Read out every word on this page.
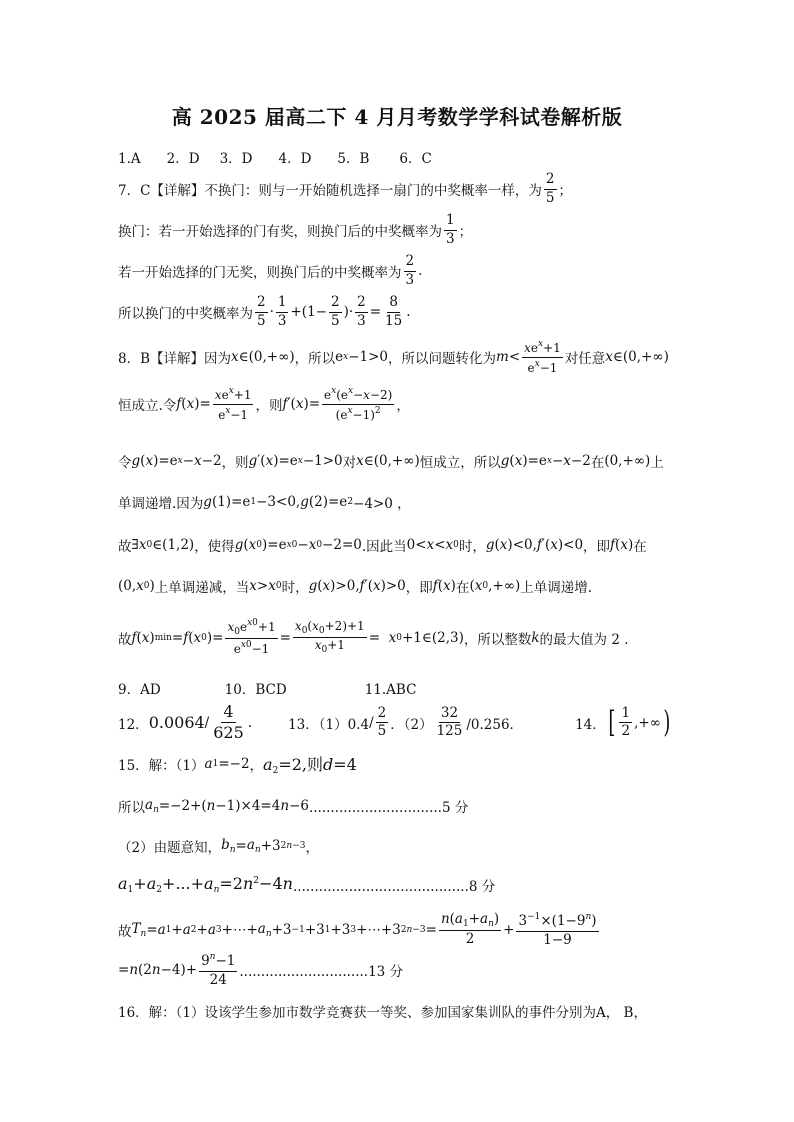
高 2025 届高二下 4 月月考数学学科试卷解析版
1.A 2．D 3．D 4．D 5．B 6．C
7．C【详解】不换门：则与一开始随机选择一扇门的中奖概率一样，为 $\frac{2}{5}$ ；
换门：若一开始选择的门有奖，则换门后的中奖概率为 $\frac{1}{3}$ ；
若一开始选择的门无奖，则换门后的中奖概率为 $\frac{2}{3}$ .
所以换门的中奖概率为 $\frac{2}{5} \cdot \frac{1}{3} +(1- \frac{2}{5}$ )· $\frac{2}{3} = \frac{8}{15}$ .
8．B【详解】因为 x ∈(0,+∞) ，所以 e x −1>0 ，所以问题转化为 $m < \frac{xe^x+1}{e^x-1}$ 对任意 x ∈(0,+∞)
恒成立.令 f ( x )= $\frac{xe^x+1}{e^x-1}$ ，则 f ′( x )= $\frac{e^x(e^x-x-2)}{(e^x-1)^2}$ ，
令 g ( x )=e x − x −2 ，则 g ′( x )=e x −1>0 对 x ∈(0,+∞) 恒成立，所以 g ( x )=e x − x −2 在 (0,+∞) 上
单调递增.因为 g (1)=e 1 −3<0, g (2)=e 2 −4>0 ，
故 ∃ x 0 ∈(1,2) ，使得 g ( x 0 )=e x0 − x 0 −2=0 .因此当 0< x < x 0 时， g ( x )<0, f ′( x )<0 ，即 f ( x ) 在
(0, x 0 ) 上单调递减，当 x > x 0 时， g ( x )>0, f ′( x )>0 ，即 f ( x ) 在 ( x 0 ,+∞) 上单调递增.
故 f ( x ) min = f ( x 0 )= $\frac{x_0e^{x0}+1}{e^{x0}-1} = \frac{x_0(x_0+2)+1}{x_0+1} = x$ 0 +1∈(2,3) ，所以整数 k 的最大值为 2 .
9．AD	10．BCD	11.ABC
12． $0.0064 / \frac{4}{625}$ .	13．$(1)0.4 / \frac{2}{5}$ ．$(2) \frac{32}{125} /0.256$．	14． [ $\frac{1}{2}$ ,+∞ )
15．解：（1） a 1 =−2 ， $a_2=2$,则d=4
所以 $a_n =-2+$( n −1)×4=4 n −6 ...............................5 分
（2）由题意知， $b_n = a_n +3$ 2n−3 ，
$a_1+a_2+...+a_n=2n^2-4n$ .........................................8 分
故 $T_n = a$ 1 + a 2 + a 3 +⋯+ $a_n +3 -1 +3$ 1 +3 3 +⋯+3 $2n-3 = \frac{n(a_1+a_n)}{2} + \frac{3^{-1}\times(1-9^n)}{1-9}$
= n (2 $n -4)+ \frac{9^n-1}{24} ..............................13$ 分
16．解：（1）设该学生参加市数学竞赛获一等奖、参加国家集训队的事件分别为A， B，
